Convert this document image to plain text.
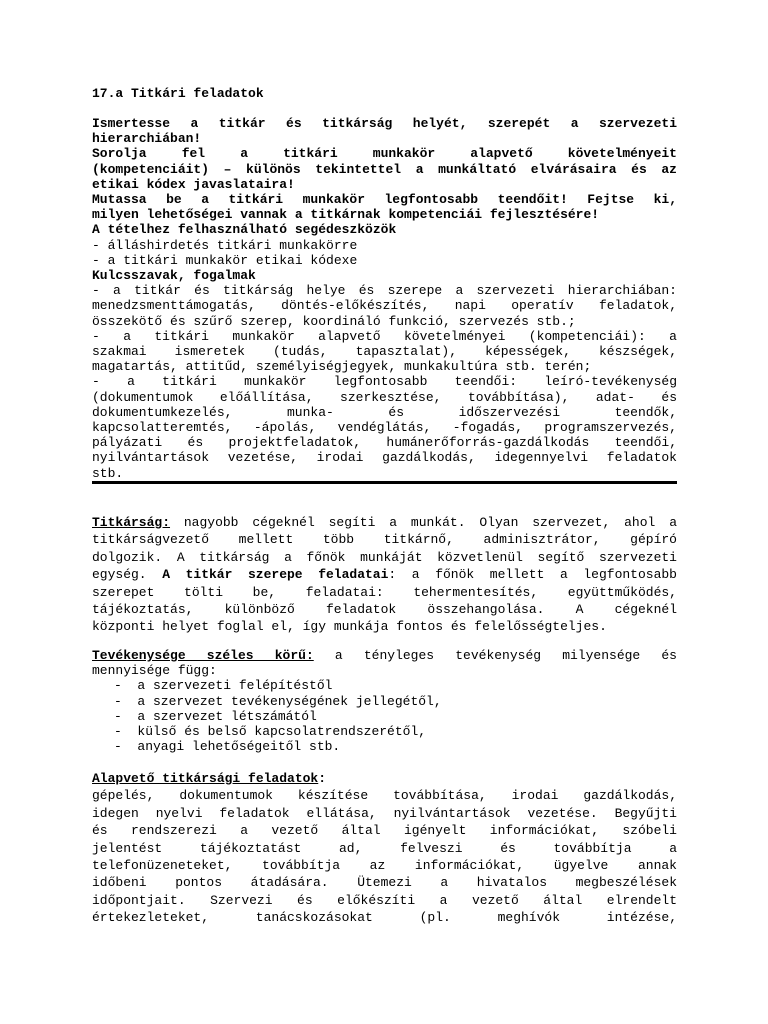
17.a Titkári feladatok
Ismertesse a titkár és titkárság helyét, szerepét a szervezeti
hierarchiában!
Sorolja fel a titkári munkakör alapvető követelményeit
(kompetenciáit) – különös tekintettel a munkáltató elvárásaira és az
etikai kódex javaslataira!
Mutassa be a titkári munkakör legfontosabb teendőit! Fejtse ki,
milyen lehetőségei vannak a titkárnak kompetenciái fejlesztésére!
A tételhez felhasználható segédeszközök
- álláshirdetés titkári munkakörre
- a titkári munkakör etikai kódexe
Kulcsszavak, fogalmak
- a titkár és titkárság helye és szerepe a szervezeti hierarchiában:
menedzsmenttámogatás, döntés-előkészítés, napi operatív feladatok,
összekötő és szűrő szerep, koordináló funkció, szervezés stb.;
- a titkári munkakör alapvető követelményei (kompetenciái): a
szakmai ismeretek (tudás, tapasztalat), képességek, készségek,
magatartás, attitűd, személyiségjegyek, munkakultúra stb. terén;
- a titkári munkakör legfontosabb teendői: leíró-tevékenység
(dokumentumok előállítása, szerkesztése, továbbítása), adat- és
dokumentumkezelés, munka- és időszervezési teendők,
kapcsolatteremtés, -ápolás, vendéglátás, -fogadás, programszervezés,
pályázati és projektfeladatok, humánerőforrás-gazdálkodás teendői,
nyilvántartások vezetése, irodai gazdálkodás, idegennyelvi feladatok
stb.
Titkárság: nagyobb cégeknél segíti a munkát. Olyan szervezet, ahol a
titkárságvezető mellett több titkárnő, adminisztrátor, gépíró
dolgozik. A titkárság a főnök munkáját közvetlenül segítő szervezeti
egység. A titkár szerepe feladatai: a főnök mellett a legfontosabb
szerepet tölti be, feladatai: tehermentesítés, együttműködés,
tájékoztatás, különböző feladatok összehangolása. A cégeknél
központi helyet foglal el, így munkája fontos és felelősségteljes.
Tevékenysége széles körű: a tényleges tevékenység milyensége és
mennyisége függ:
-  a szervezeti felépítéstől
-  a szervezet tevékenységének jellegétől,
-  a szervezet létszámától
-  külső és belső kapcsolatrendszerétől,
-  anyagi lehetőségeitől stb.
Alapvető titkársági feladatok:
gépelés, dokumentumok készítése továbbítása, irodai gazdálkodás,
idegen nyelvi feladatok ellátása, nyilvántartások vezetése. Begyűjti
és rendszerezi a vezető által igényelt információkat, szóbeli
jelentést tájékoztatást ad, felveszi és továbbítja a
telefonüzeneteket, továbbítja az információkat, ügyelve annak
időbeni pontos átadására. Ütemezi a hivatalos megbeszélések
időpontjait. Szervezi és előkészíti a vezető által elrendelt
értekezleteket, tanácskozásokat (pl. meghívók intézése,
